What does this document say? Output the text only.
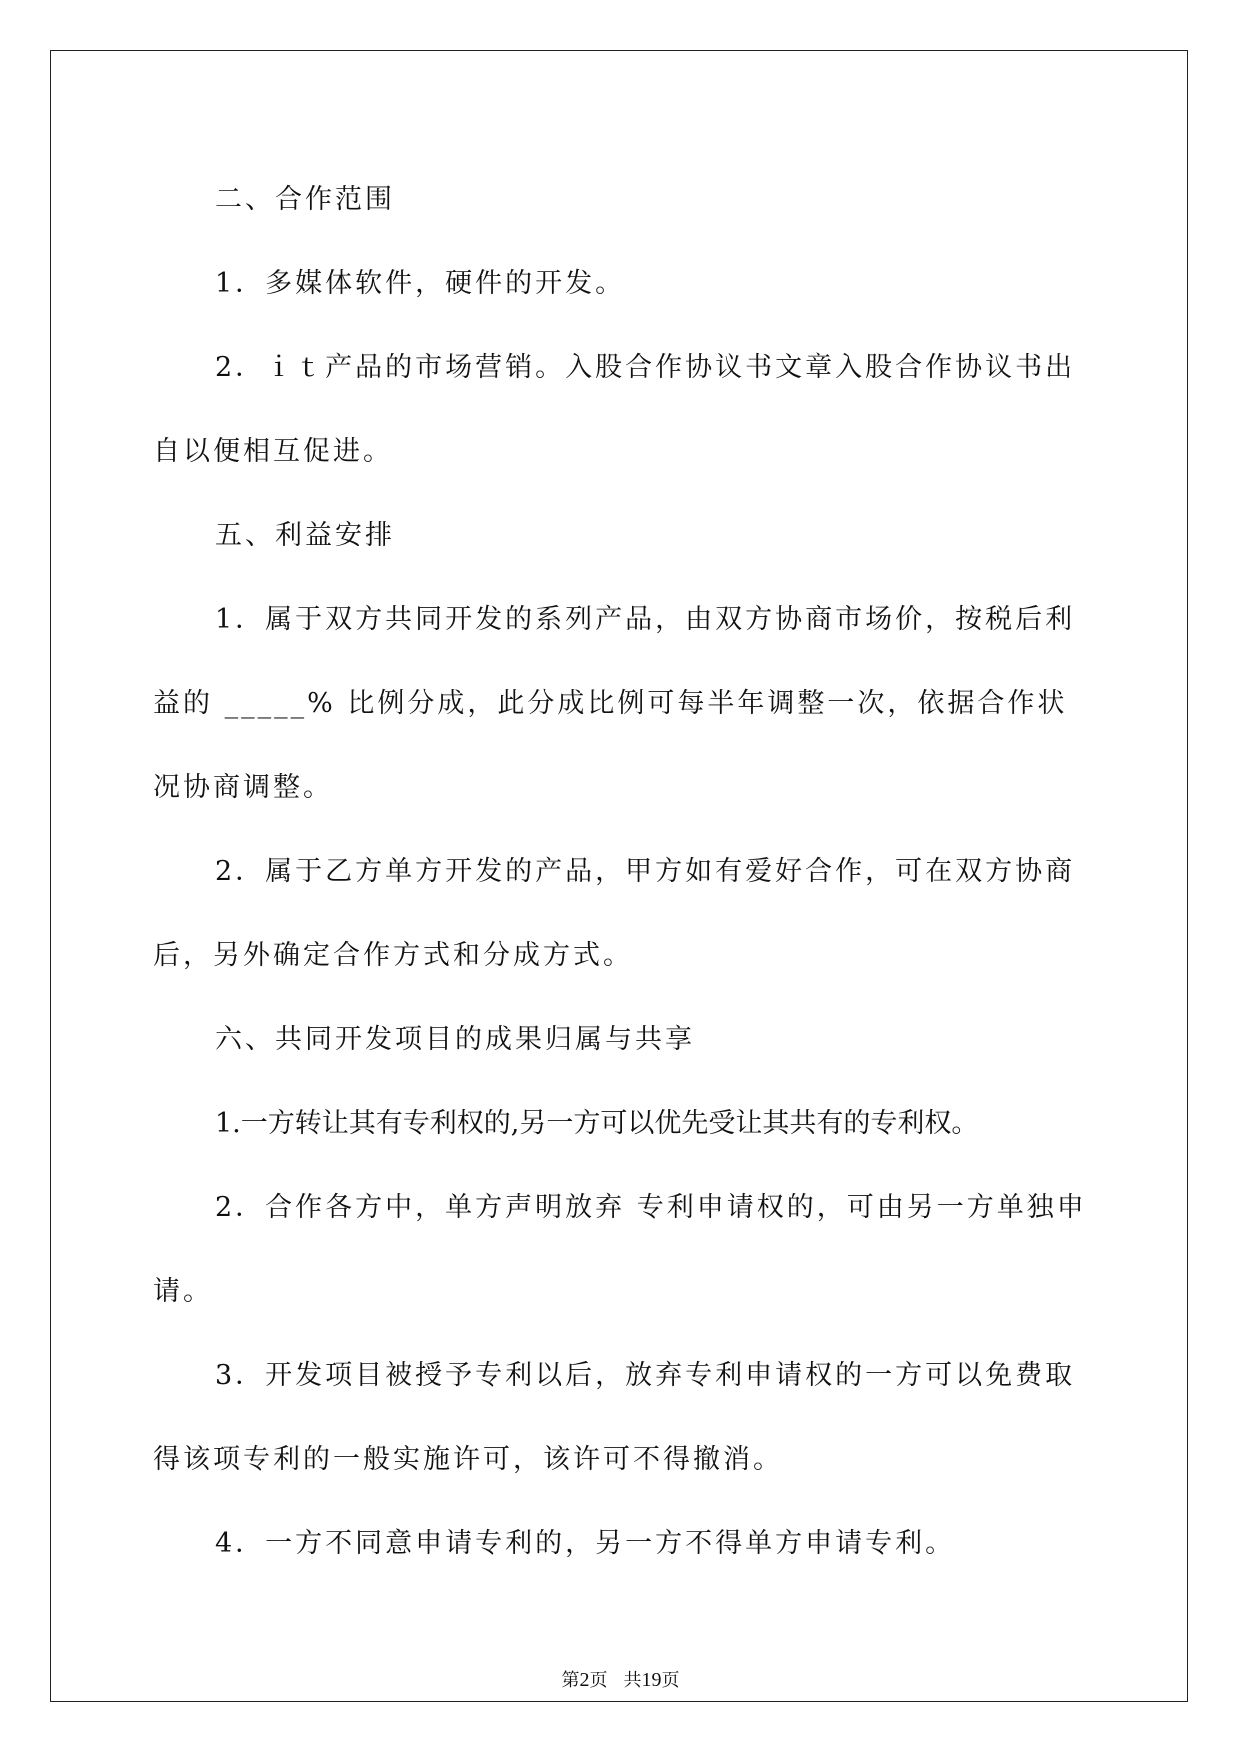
二、合作范围

1．多媒体软件，硬件的开发。

2．ｉｔ产品的市场营销。入股合作协议书文章入股合作协议书出自以便相互促进。

五、利益安排

1．属于双方共同开发的系列产品，由双方协商市场价，按税后利益的 _____% 比例分成，此分成比例可每半年调整一次，依据合作状况协商调整。

2．属于乙方单方开发的产品，甲方如有爱好合作，可在双方协商后，另外确定合作方式和分成方式。

六、共同开发项目的成果归属与共享

1.一方转让其有专利权的,另一方可以优先受让其共有的专利权。

2．合作各方中，单方声明放弃 专利申请权的，可由另一方单独申请。

3．开发项目被授予专利以后，放弃专利申请权的一方可以免费取得该项专利的一般实施许可，该许可不得撤消。

4．一方不同意申请专利的，另一方不得单方申请专利。

第2页 共19页
